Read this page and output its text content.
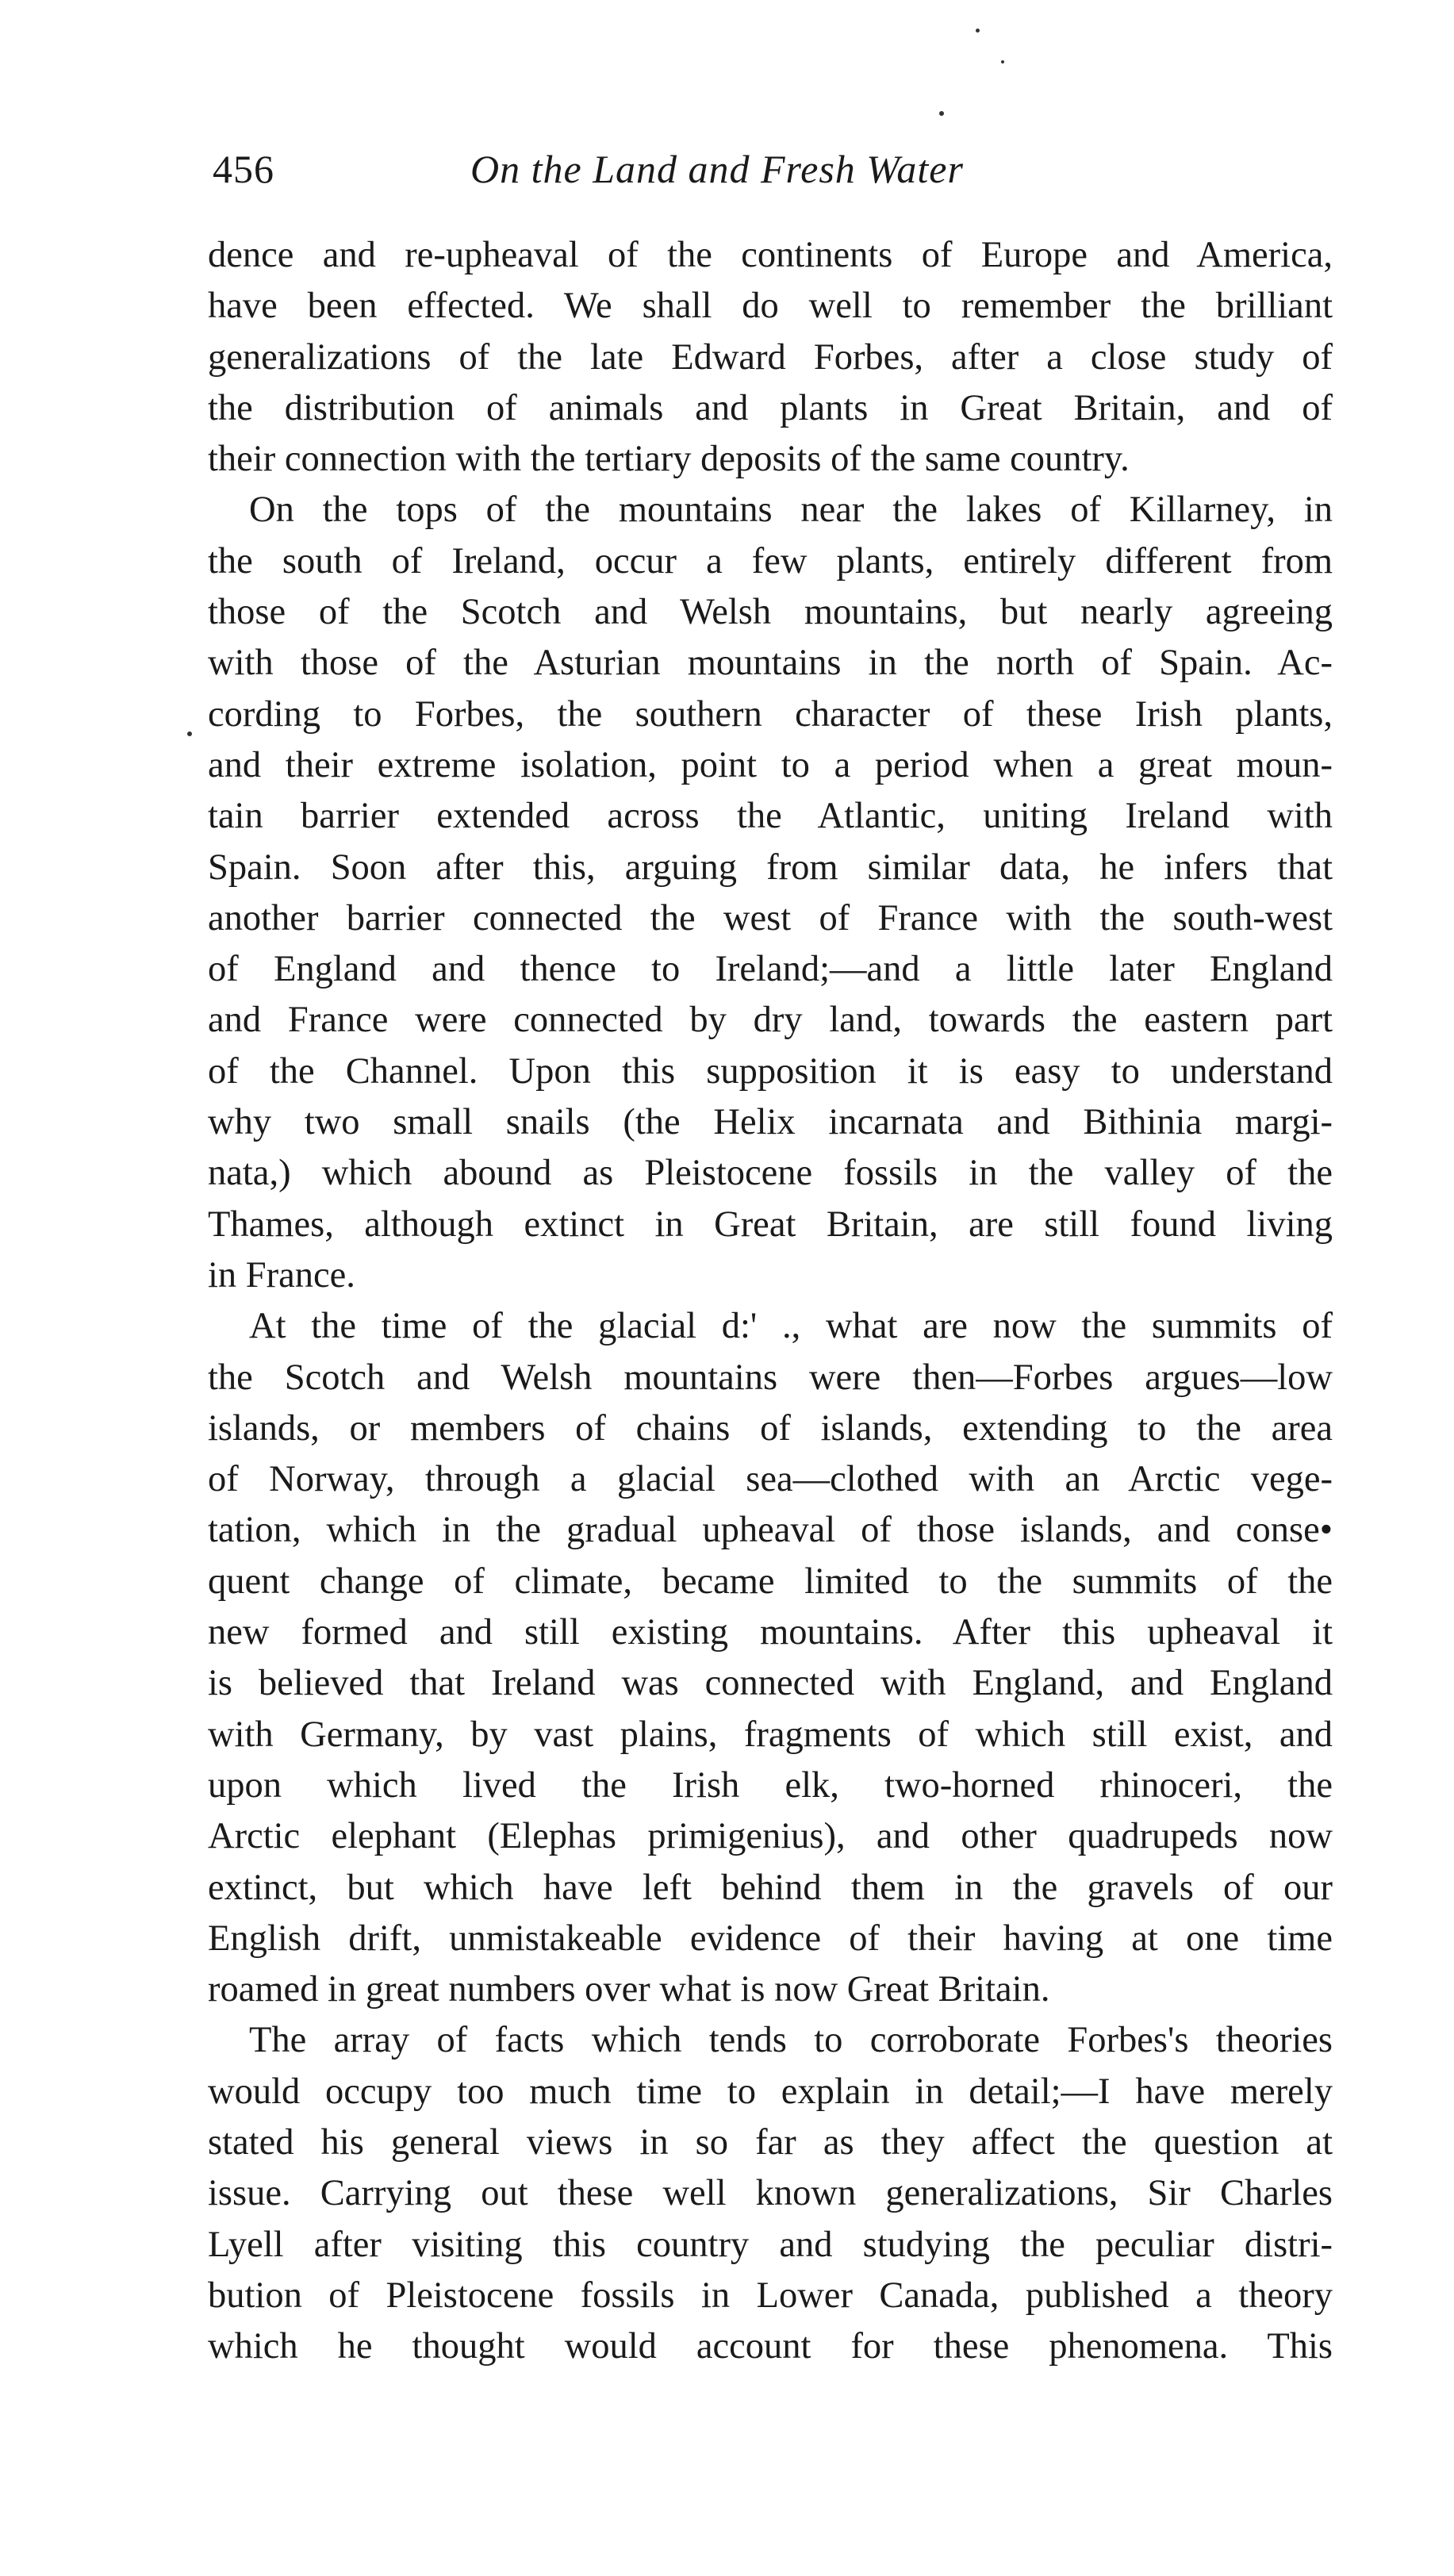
456	On the Land and Fresh Water
dence and re-upheaval of the continents of Europe and America,
have been effected. We shall do well to remember the brilliant
generalizations of the late Edward Forbes, after a close study of
the distribution of animals and plants in Great Britain, and of
their connection with the tertiary deposits of the same country.
On the tops of the mountains near the lakes of Killarney, in
the south of Ireland, occur a few plants, entirely different from
those of the Scotch and Welsh mountains, but nearly agreeing
with those of the Asturian mountains in the north of Spain. Ac-
cording to Forbes, the southern character of these Irish plants,
and their extreme isolation, point to a period when a great moun-
tain barrier extended across the Atlantic, uniting Ireland with
Spain. Soon after this, arguing from similar data, he infers that
another barrier connected the west of France with the south-west
of England and thence to Ireland;—and a little later England
and France were connected by dry land, towards the eastern part
of the Channel. Upon this supposition it is easy to understand
why two small snails (the Helix incarnata and Bithinia margi-
nata,) which abound as Pleistocene fossils in the valley of the
Thames, although extinct in Great Britain, are still found living
in France.
At the time of the glacial d:' ., what are now the summits of
the Scotch and Welsh mountains were then—Forbes argues—low
islands, or members of chains of islands, extending to the area
of Norway, through a glacial sea—clothed with an Arctic vege-
tation, which in the gradual upheaval of those islands, and conse•
quent change of climate, became limited to the summits of the
new formed and still existing mountains. After this upheaval it
is believed that Ireland was connected with England, and England
with Germany, by vast plains, fragments of which still exist, and
upon which lived the Irish elk, two-horned rhinoceri, the
Arctic elephant (Elephas primigenius), and other quadrupeds now
extinct, but which have left behind them in the gravels of our
English drift, unmistakeable evidence of their having at one time
roamed in great numbers over what is now Great Britain.
The array of facts which tends to corroborate Forbes's theories
would occupy too much time to explain in detail;—I have merely
stated his general views in so far as they affect the question at
issue. Carrying out these well known generalizations, Sir Charles
Lyell after visiting this country and studying the peculiar distri-
bution of Pleistocene fossils in Lower Canada, published a theory
which he thought would account for these phenomena. This
